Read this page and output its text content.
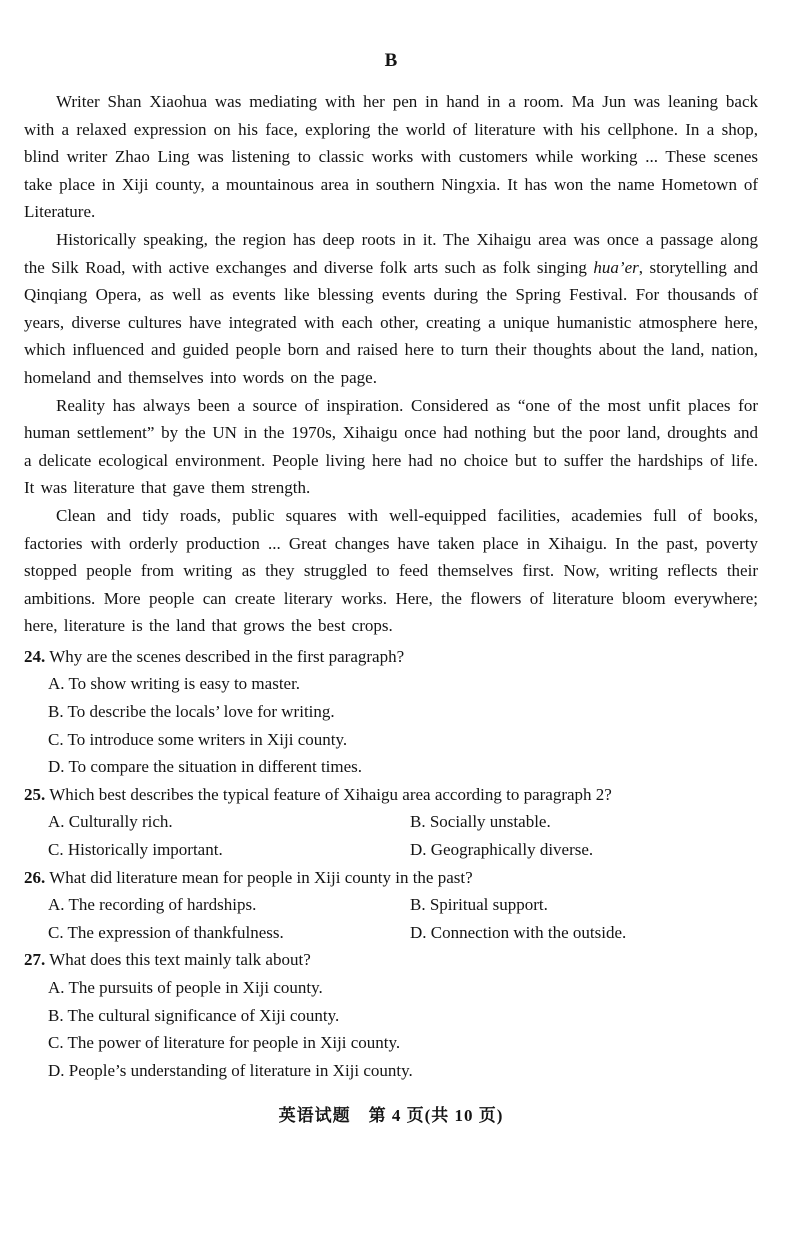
B

Writer Shan Xiaohua was mediating with her pen in hand in a room. Ma Jun was leaning back with a relaxed expression on his face, exploring the world of literature with his cellphone. In a shop, blind writer Zhao Ling was listening to classic works with customers while working ... These scenes take place in Xiji county, a mountainous area in southern Ningxia. It has won the name Hometown of Literature.

Historically speaking, the region has deep roots in it. The Xihaigu area was once a passage along the Silk Road, with active exchanges and diverse folk arts such as folk singing hua’er, storytelling and Qinqiang Opera, as well as events like blessing events during the Spring Festival. For thousands of years, diverse cultures have integrated with each other, creating a unique humanistic atmosphere here, which influenced and guided people born and raised here to turn their thoughts about the land, nation, homeland and themselves into words on the page.

Reality has always been a source of inspiration. Considered as “one of the most unfit places for human settlement” by the UN in the 1970s, Xihaigu once had nothing but the poor land, droughts and a delicate ecological environment. People living here had no choice but to suffer the hardships of life. It was literature that gave them strength.

Clean and tidy roads, public squares with well-equipped facilities, academies full of books, factories with orderly production ... Great changes have taken place in Xihaigu. In the past, poverty stopped people from writing as they struggled to feed themselves first. Now, writing reflects their ambitions. More people can create literary works. Here, the flowers of literature bloom everywhere; here, literature is the land that grows the best crops.

24. Why are the scenes described in the first paragraph?
A. To show writing is easy to master.
B. To describe the locals’ love for writing.
C. To introduce some writers in Xiji county.
D. To compare the situation in different times.
25. Which best describes the typical feature of Xihaigu area according to paragraph 2?
A. Culturally rich.	B. Socially unstable.
C. Historically important.	D. Geographically diverse.
26. What did literature mean for people in Xiji county in the past?
A. The recording of hardships.	B. Spiritual support.
C. The expression of thankfulness.	D. Connection with the outside.
27. What does this text mainly talk about?
A. The pursuits of people in Xiji county.
B. The cultural significance of Xiji county.
C. The power of literature for people in Xiji county.
D. People’s understanding of literature in Xiji county.
英语试题　第 4 页(共 10 页)
